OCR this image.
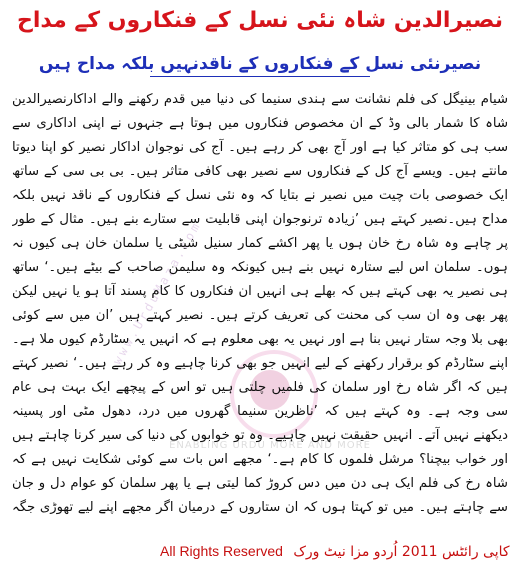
نصیرالدین شاہ نئی نسل کے فنکاروں کے مداح
نصیرنئی نسل کے فنکاروں کے ناقدنہیں بلکہ مداح ہیں
ENABLING URDU MORE AND MORE
www.UrduMaza.com
شیام بینیگل کی فلم نشانت سے ہندی سنیما کی دنیا میں قدم رکھنے والے اداکارنصیرالدین شاہ کا شمار بالی وڈ کے ان مخصوص فنکاروں میں ہوتا ہے جنہوں نے اپنی اداکاری سے سب ہی کو متاثر کیا ہے اور آج بھی کر رہے ہیں۔ آج کی نوجوان اداکار نصیر کو اپنا دیوتا مانتے ہیں۔ ویسے آج کل کے فنکاروں سے نصیر بھی کافی متاثر ہیں۔ بی بی سی کے ساتھ ایک خصوصی بات چیت میں نصیر نے بتایا کہ وہ نئی نسل کے فنکاروں کے ناقد نہیں بلکہ مداح ہیں۔نصیر کہتے ہیں ’زیادہ ترنوجوان اپنی قابلیت سے ستارے بنے ہیں۔ مثال کے طور پر چاہے وہ شاہ رخ خان ہوں یا پھر اکشے کمار سنیل شیٹی یا سلمان خان ہی کیوں نہ ہوں۔ سلمان اس لیے ستارہ نہیں بنے ہیں کیونکہ وہ سلیمن صاحب کے بیٹے ہیں۔‘ ساتھ ہی نصیر یہ بھی کہتے ہیں کہ بھلے ہی انہیں ان فنکاروں کا کام پسند آتا ہو یا نہیں لیکن پھر بھی وہ ان سب کی محنت کی تعریف کرتے ہیں۔ نصیر کہتے ہیں ’ان میں سے کوئی بھی بلا وجہ ستار نہیں بنا ہے اور نہیں یہ بھی معلوم ہے کہ انہیں یہ سٹارڈم کیوں ملا ہے۔ اپنے سٹارڈم کو برقرار رکھنے کے لیے انہیں جو بھی کرنا چاہیے وہ کر رہے ہیں۔‘ نصیر کہتے ہیں کہ اگر شاہ رخ اور سلمان کی فلمیں چلتی ہیں تو اس کے پیچھے ایک بہت ہی عام سی وجہ ہے۔ وہ کہتے ہیں کہ ’ناظرین سنیما گھروں میں درد، دھول مٹی اور پسینہ دیکھنے نہیں آتے۔ انہیں حقیقت نہیں چاہیے۔ وہ تو خوابوں کی دنیا کی سیر کرنا چاہتے ہیں اور خواب بیچنا؟ مرشل فلموں کا کام ہے۔‘ مجھے اس بات سے کوئی شکایت نہیں ہے کہ شاہ رخ کی فلم ایک ہی دن میں دس کروڑ کما لیتی ہے یا پھر سلمان کو عوام دل و جان سے چاہتے ہیں۔ میں تو کہتا ہوں کہ ان ستاروں کے درمیان اگر مجھے اپنے لیے تھوڑی جگہ
All Rights Reserved کاپی رائٹس 2011 اُردو مزا نیٹ ورک
